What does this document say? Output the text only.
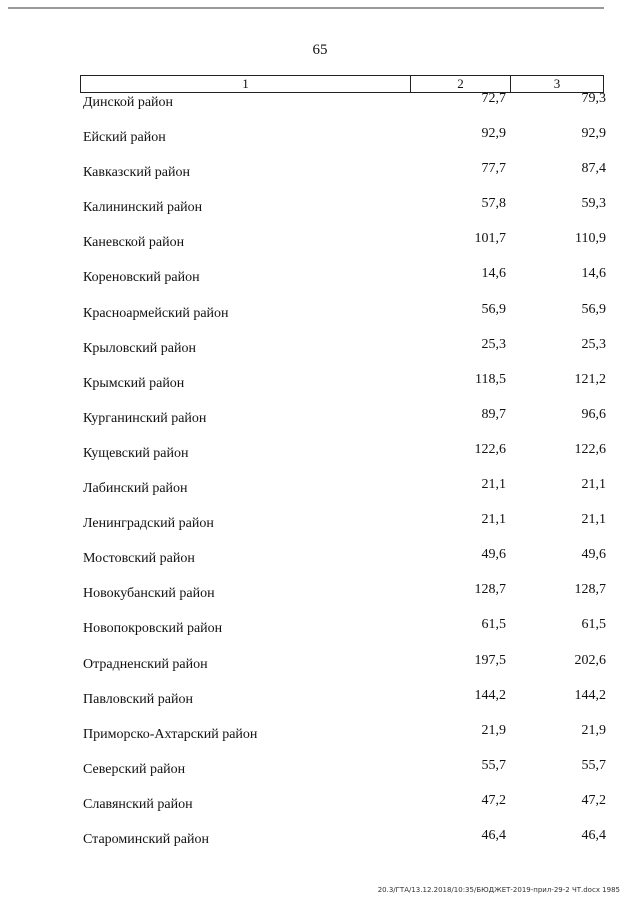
65
1	2	3
Динской район	72,7	79,3
Ейский район	92,9	92,9
Кавказский район	77,7	87,4
Калининский район	57,8	59,3
Каневской район	101,7	110,9
Кореновский район	14,6	14,6
Красноармейский район	56,9	56,9
Крыловский район	25,3	25,3
Крымский район	118,5	121,2
Курганинский район	89,7	96,6
Кущевский район	122,6	122,6
Лабинский район	21,1	21,1
Ленинградский район	21,1	21,1
Мостовский район	49,6	49,6
Новокубанский район	128,7	128,7
Новопокровский район	61,5	61,5
Отрадненский район	197,5	202,6
Павловский район	144,2	144,2
Приморско-Ахтарский район	21,9	21,9
Северский район	55,7	55,7
Славянский район	47,2	47,2
Староминский район	46,4	46,4
20.3/ГТА/13.12.2018/10:35/БЮДЖЕТ-2019-прил-29-2 ЧТ.docx 1985
